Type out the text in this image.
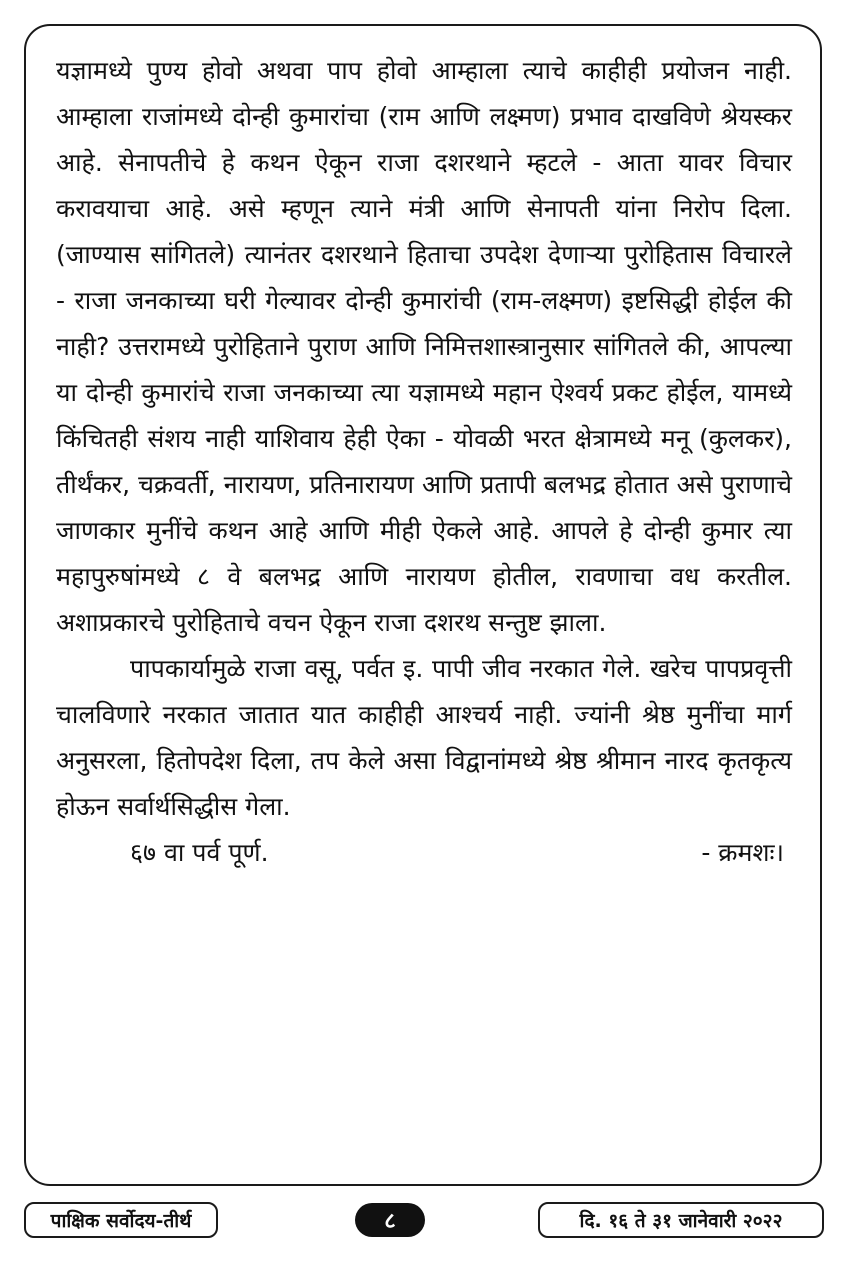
यज्ञामध्ये पुण्य होवो अथवा पाप होवो आम्हाला त्याचे काहीही प्रयोजन नाही. आम्हाला राजांमध्ये दोन्ही कुमारांचा (राम आणि लक्ष्मण) प्रभाव दाखविणे श्रेयस्कर आहे. सेनापतीचे हे कथन ऐकून राजा दशरथाने म्हटले - आता यावर विचार करावयाचा आहे. असे म्हणून त्याने मंत्री आणि सेनापती यांना निरोप दिला. (जाण्यास सांगितले) त्यानंतर दशरथाने हिताचा उपदेश देणाऱ्या पुरोहितास विचारले - राजा जनकाच्या घरी गेल्यावर दोन्ही कुमारांची (राम-लक्ष्मण) इष्टसिद्धी होईल की नाही? उत्तरामध्ये पुरोहिताने पुराण आणि निमित्तशास्त्रानुसार सांगितले की, आपल्या या दोन्ही कुमारांचे राजा जनकाच्या त्या यज्ञामध्ये महान ऐश्वर्य प्रकट होईल, यामध्ये किंचितही संशय नाही याशिवाय हेही ऐका - योवळी भरत क्षेत्रामध्ये मनू (कुलकर), तीर्थंकर, चक्रवर्ती, नारायण, प्रतिनारायण आणि प्रतापी बलभद्र होतात असे पुराणाचे जाणकार मुनींचे कथन आहे आणि मीही ऐकले आहे. आपले हे दोन्ही कुमार त्या महापुरुषांमध्ये ८ वे बलभद्र आणि नारायण होतील, रावणाचा वध करतील. अशाप्रकारचे पुरोहिताचे वचन ऐकून राजा दशरथ सन्तुष्ट झाला.

पापकार्यामुळे राजा वसू, पर्वत इ. पापी जीव नरकात गेले. खरेच पापप्रवृत्ती चालविणारे नरकात जातात यात काहीही आश्चर्य नाही. ज्यांनी श्रेष्ठ मुनींचा मार्ग अनुसरला, हितोपदेश दिला, तप केले असा विद्वानांमध्ये श्रेष्ठ श्रीमान नारद कृतकृत्य होऊन सर्वार्थसिद्धीस गेला.

६७ वा पर्व पूर्ण.	- क्रमशः।
पाक्षिक सर्वोदय-तीर्थ	८	दि. १६ ते ३१ जानेवारी २०२२
